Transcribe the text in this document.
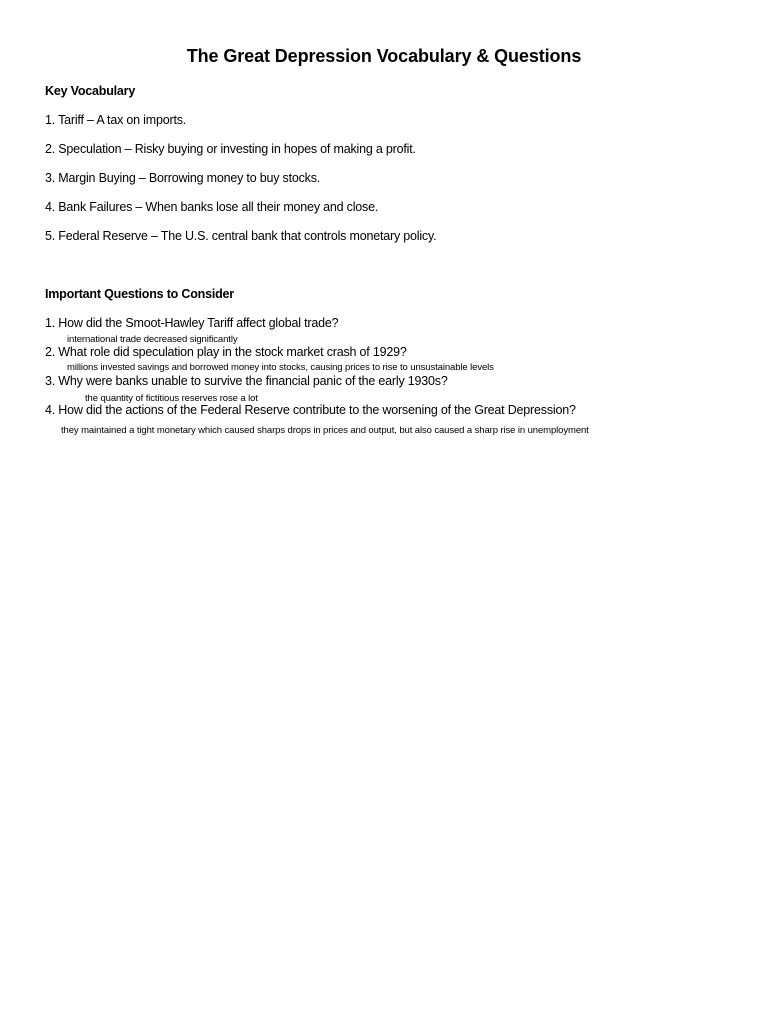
The Great Depression Vocabulary & Questions
Key Vocabulary
1. Tariff – A tax on imports.
2. Speculation – Risky buying or investing in hopes of making a profit.
3. Margin Buying – Borrowing money to buy stocks.
4. Bank Failures – When banks lose all their money and close.
5. Federal Reserve – The U.S. central bank that controls monetary policy.
Important Questions to Consider
1. How did the Smoot-Hawley Tariff affect global trade?
international trade decreased significantly
2. What role did speculation play in the stock market crash of 1929?
millions invested savings and borrowed money into stocks, causing prices to rise to unsustainable levels
3. Why were banks unable to survive the financial panic of the early 1930s?
the quantity of fictitious reserves rose a lot
4. How did the actions of the Federal Reserve contribute to the worsening of the Great Depression?
they maintained a tight monetary which caused sharps drops in prices and output, but also caused a sharp rise in unemployment
